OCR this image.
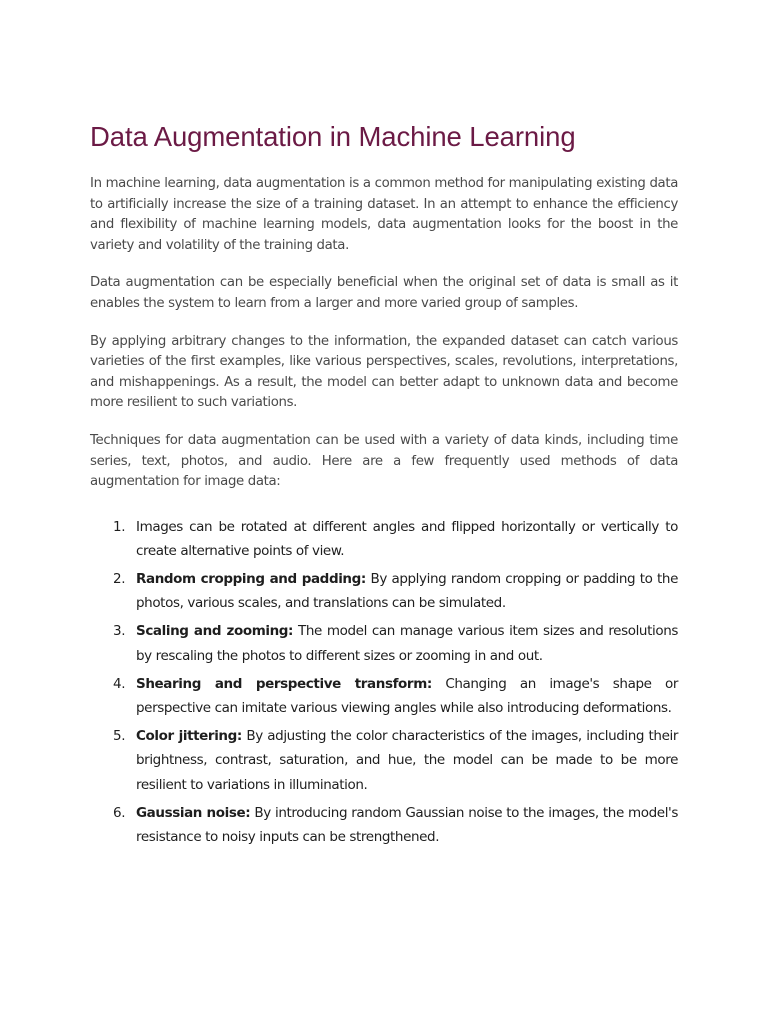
Data Augmentation in Machine Learning

In machine learning, data augmentation is a common method for manipulating existing data to artificially increase the size of a training dataset. In an attempt to enhance the efficiency and flexibility of machine learning models, data augmentation looks for the boost in the variety and volatility of the training data.

Data augmentation can be especially beneficial when the original set of data is small as it enables the system to learn from a larger and more varied group of samples.

By applying arbitrary changes to the information, the expanded dataset can catch various varieties of the first examples, like various perspectives, scales, revolutions, interpretations, and mishappenings. As a result, the model can better adapt to unknown data and become more resilient to such variations.

Techniques for data augmentation can be used with a variety of data kinds, including time series, text, photos, and audio. Here are a few frequently used methods of data augmentation for image data:

1. Images can be rotated at different angles and flipped horizontally or vertically to create alternative points of view.
2. Random cropping and padding: By applying random cropping or padding to the photos, various scales, and translations can be simulated.
3. Scaling and zooming: The model can manage various item sizes and resolutions by rescaling the photos to different sizes or zooming in and out.
4. Shearing and perspective transform: Changing an image's shape or perspective can imitate various viewing angles while also introducing deformations.
5. Color jittering: By adjusting the color characteristics of the images, including their brightness, contrast, saturation, and hue, the model can be made to be more resilient to variations in illumination.
6. Gaussian noise: By introducing random Gaussian noise to the images, the model's resistance to noisy inputs can be strengthened.
